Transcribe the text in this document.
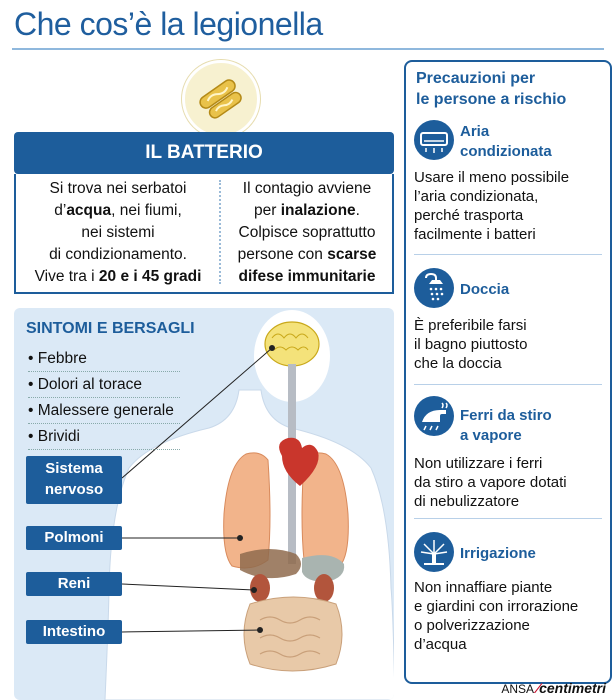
Che cos’è la legionella
IL BATTERIO
Si trova nei serbatoi
d’acqua, nei fiumi,
nei sistemi
di condizionamento.
Vive tra i 20 e i 45 gradi
Il contagio avviene
per inalazione.
Colpisce soprattutto
persone con scarse
difese immunitarie
SINTOMI E BERSAGLI
• Febbre
• Dolori al torace
• Malessere generale
• Brividi
Sistema
nervoso
Polmoni
Reni
Intestino
Precauzioni per
le persone a rischio
Aria
condizionata
Usare il meno possibile
l’aria condizionata,
perché trasporta
facilmente i batteri
Doccia
È preferibile farsi
il bagno piuttosto
che la doccia
Ferri da stiro
a vapore
Non utilizzare i ferri
da stiro a vapore dotati
di nebulizzatore
Irrigazione
Non innaffiare piante
e giardini con irrorazione
o polverizzazione
d’acqua
ANSA ∕centimetri
